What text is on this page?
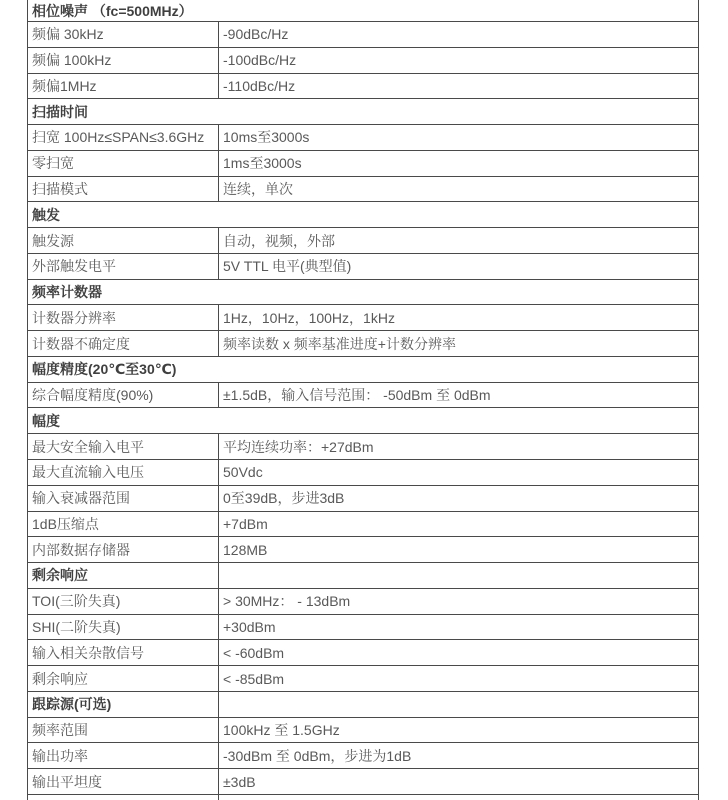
相位噪声 （fc=500MHz）
频偏 30kHz	-90dBc/Hz
频偏 100kHz	-100dBc/Hz
频偏1MHz	-110dBc/Hz
扫描时间
扫宽 100Hz≤SPAN≤3.6GHz	10ms至3000s
零扫宽	1ms至3000s
扫描模式	连续，单次
触发
触发源	自动，视频，外部
外部触发电平	5V TTL 电平(典型值)
频率计数器
计数器分辨率	1Hz，10Hz，100Hz，1kHz
计数器不确定度	频率读数 x 频率基准进度+计数分辨率
幅度精度(20℃至30℃)
综合幅度精度(90%)	±1.5dB，输入信号范围： -50dBm 至 0dBm
幅度
最大安全输入电平	平均连续功率：+27dBm
最大直流输入电压	50Vdc
输入衰减器范围	0至39dB，步进3dB
1dB压缩点	+7dBm
内部数据存储器	128MB
剩余响应
TOI(三阶失真)	> 30MHz： - 13dBm
SHI(二阶失真)	+30dBm
输入相关杂散信号	< -60dBm
剩余响应	< -85dBm
跟踪源(可选)
频率范围	100kHz 至 1.5GHz
输出功率	-30dBm 至 0dBm，步进为1dB
输出平坦度	±3dB
